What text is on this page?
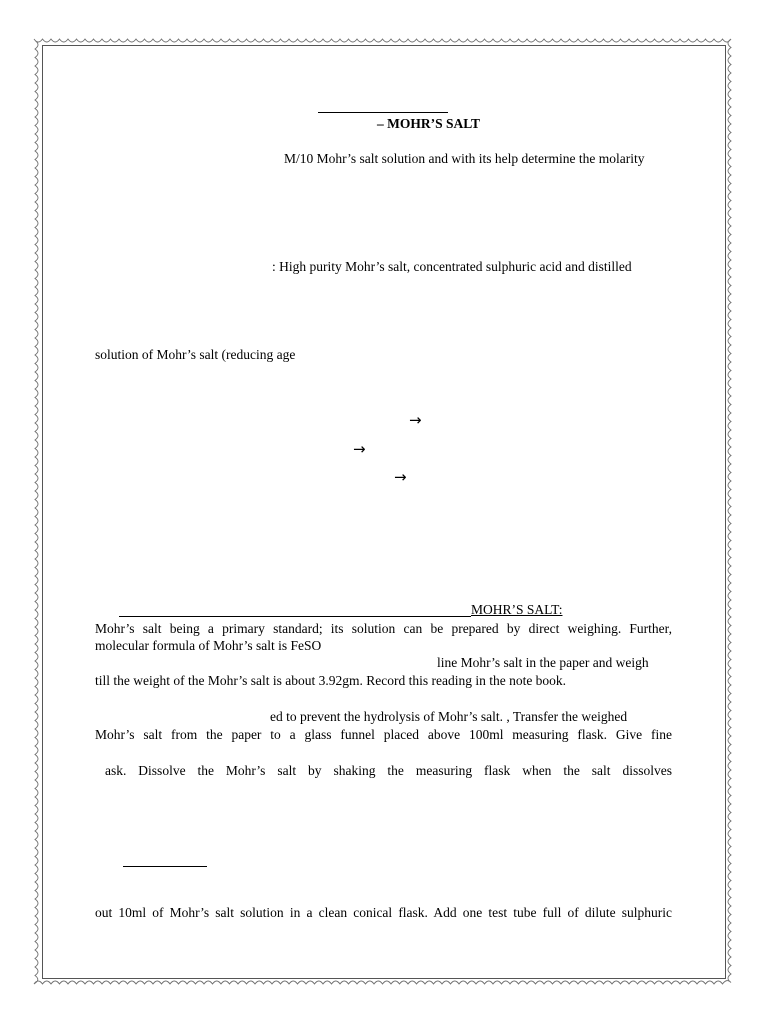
– MOHR’S SALT
M/10 Mohr’s salt solution and with its help determine the molarity
: High purity Mohr’s salt, concentrated sulphuric acid and distilled
solution of Mohr’s salt (reducing age
→
→
→
MOHR’S SALT:
Mohr’s salt being a primary standard; its solution can be prepared by direct weighing. Further,
molecular formula of Mohr’s salt is FeSO
line Mohr’s salt in the paper and weigh
till the weight of the Mohr’s salt is about 3.92gm. Record this reading in the note book.
ed to prevent the hydrolysis of Mohr’s salt. , Transfer the weighed
Mohr’s salt from the paper to a glass funnel placed above 100ml measuring flask. Give fine
ask. Dissolve the Mohr’s salt by shaking the measuring flask when the salt dissolves
out 10ml of Mohr’s salt solution in a clean conical flask. Add one test tube full of dilute sulphuric
